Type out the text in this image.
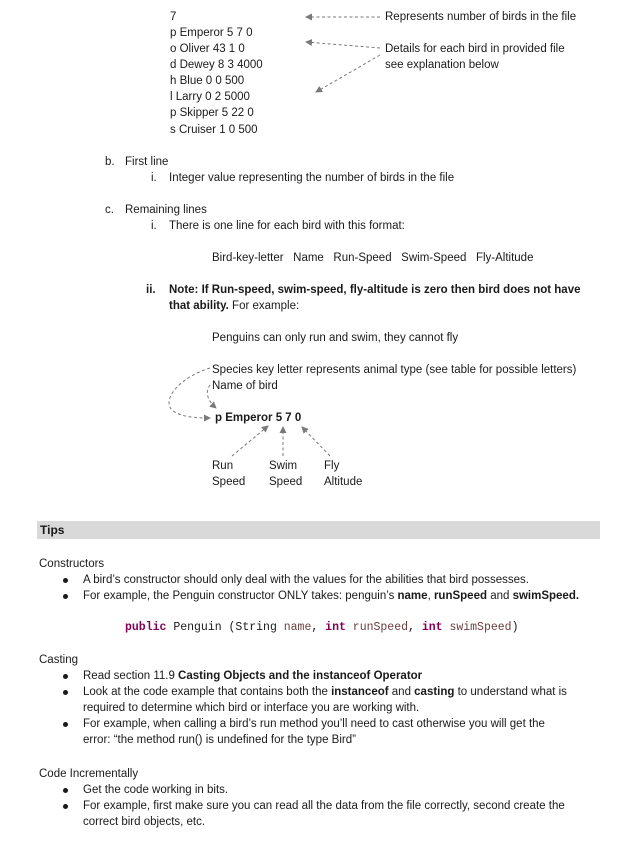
7
p Emperor 5 7 0
o Oliver 43 1 0
d Dewey 8 3 4000
h Blue 0 0 500
l Larry 0 2 5000
p Skipper 5 22 0
s Cruiser 1 0 500
Represents number of birds in the file
Details for each bird in provided file
see explanation below
b. First line
i. Integer value representing the number of birds in the file
c. Remaining lines
i. There is one line for each bird with this format:
Bird-key-letter   Name   Run-Speed   Swim-Speed   Fly-Altitude
ii. Note: If Run-speed, swim-speed, fly-altitude is zero then bird does not have
that ability. For example:
Penguins can only run and swim, they cannot fly
Species key letter represents animal type (see table for possible letters)
Name of bird
p Emperor 5 7 0
Run
Speed
Swim
Speed
Fly
Altitude
Tips
Constructors
A bird’s constructor should only deal with the values for the abilities that bird possesses.
For example, the Penguin constructor ONLY takes: penguin’s name, runSpeed and swimSpeed.
public Penguin (String name, int runSpeed, int swimSpeed)
Casting
Read section 11.9 Casting Objects and the instanceof Operator
Look at the code example that contains both the instanceof and casting to understand what is
required to determine which bird or interface you are working with.
For example, when calling a bird’s run method you’ll need to cast otherwise you will get the
error: “the method run() is undefined for the type Bird”
Code Incrementally
Get the code working in bits.
For example, first make sure you can read all the data from the file correctly, second create the
correct bird objects, etc.
